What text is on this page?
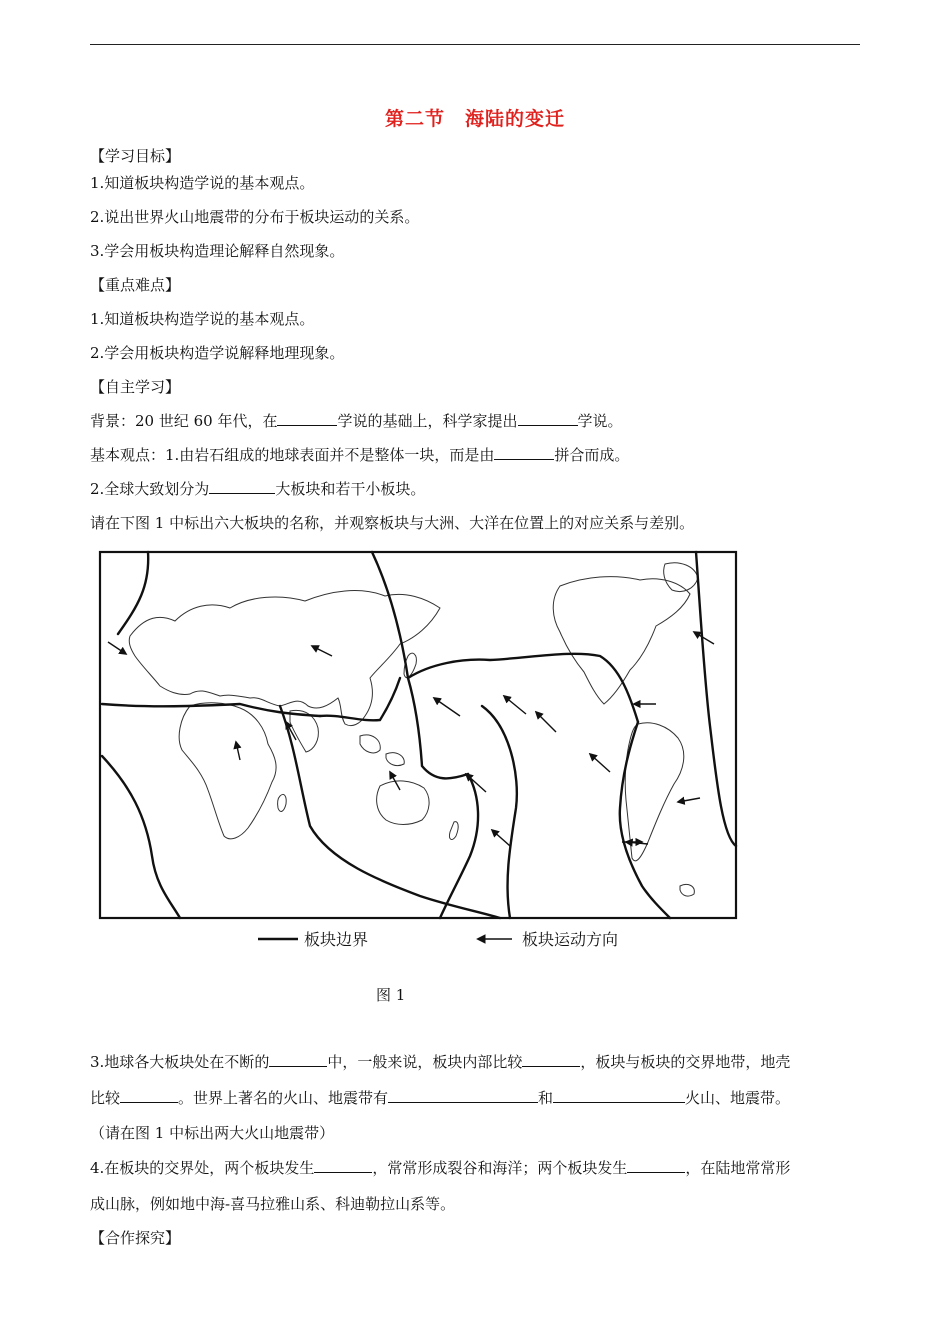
第二节　海陆的变迁
【学习目标】
1.知道板块构造学说的基本观点。
2.说出世界火山地震带的分布于板块运动的关系。
3.学会用板块构造理论解释自然现象。
【重点难点】
1.知道板块构造学说的基本观点。
2.学会用板块构造学说解释地理现象。
【自主学习】
背景：20 世纪 60 年代，在	学说的基础上，科学家提出	学说。
基本观点：1.由岩石组成的地球表面并不是整体一块，而是由	拼合而成。
2.全球大致划分为	大板块和若干小板块。
请在下图 1 中标出六大板块的名称，并观察板块与大洲、大洋在位置上的对应关系与差别。
板块边界	板块运动方向
图 1
3.地球各大板块处在不断的	中，一般来说，板块内部比较	，板块与板块的交界地带，地壳
比较	。世界上著名的火山、地震带有	和	火山、地震带。
（请在图 1 中标出两大火山地震带）
4.在板块的交界处，两个板块发生	，常常形成裂谷和海洋；两个板块发生	，在陆地常常形
成山脉，例如地中海-喜马拉雅山系、科迪勒拉山系等。
【合作探究】
